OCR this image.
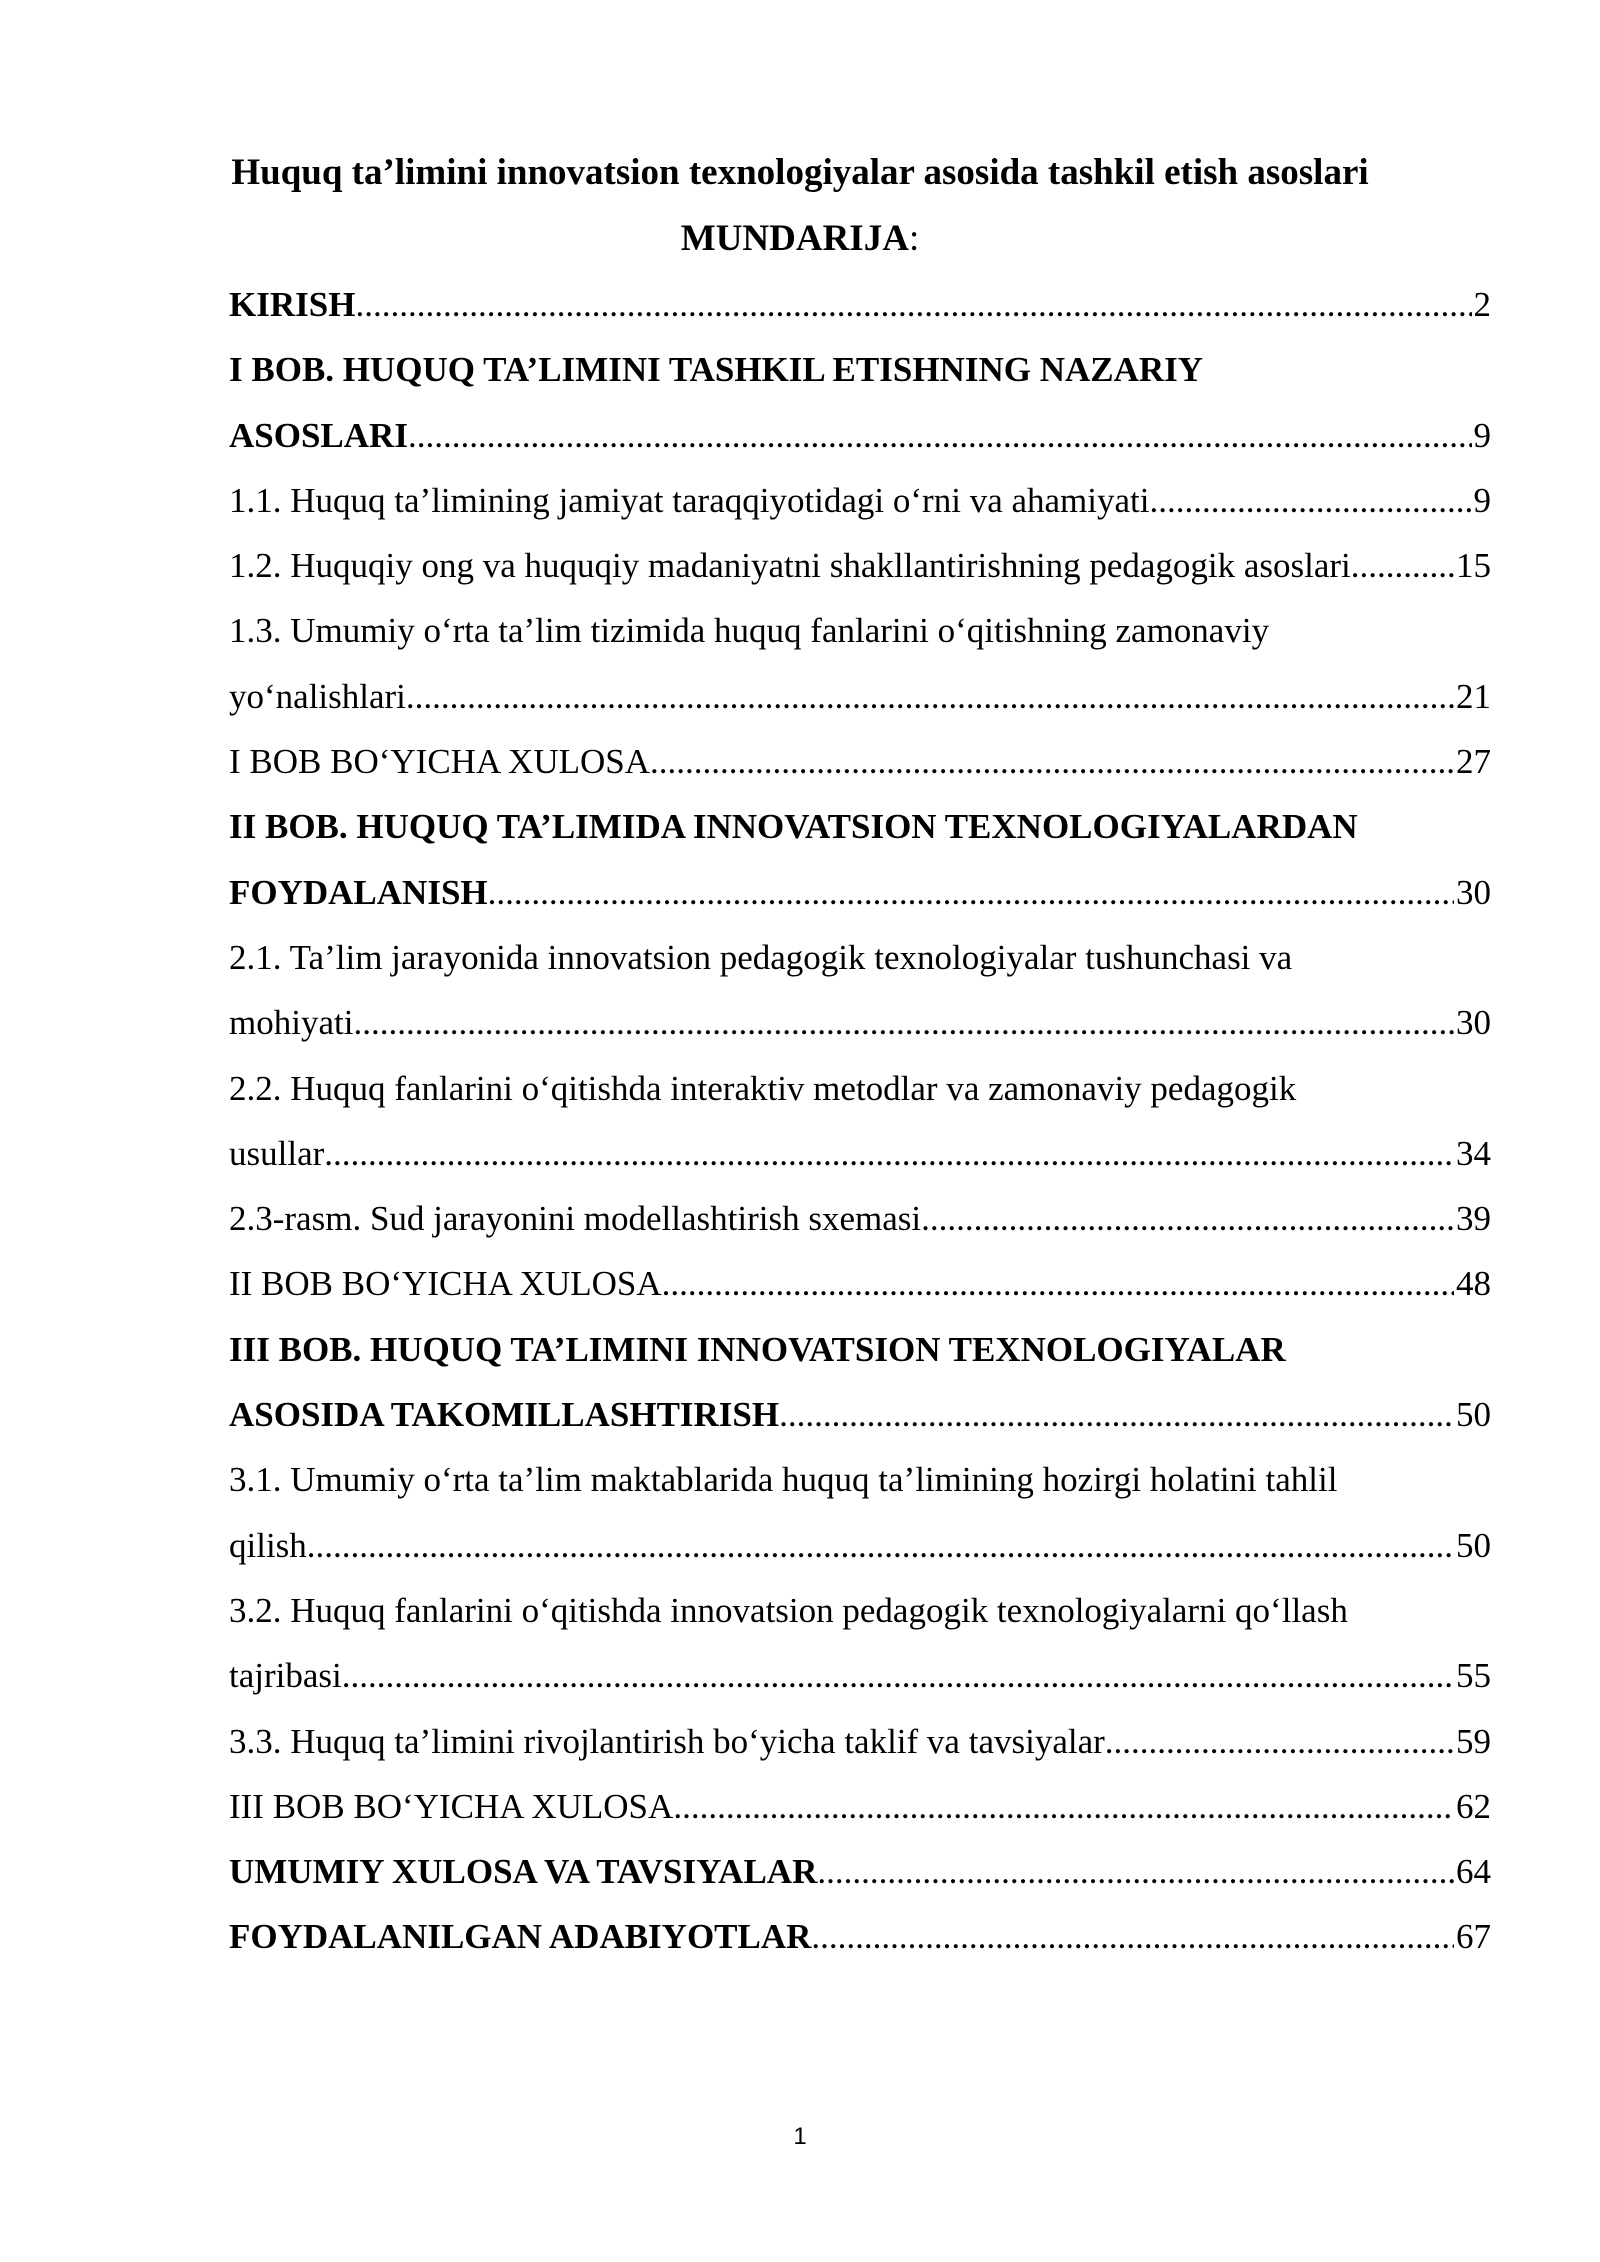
Huquq ta’limini innovatsion texnologiyalar asosida tashkil etish asoslari
MUNDARIJA:
KIRISH .....	2
I BOB. HUQUQ TA’LIMINI TASHKIL ETISHNING NAZARIY
ASOSLARI .....	9
1.1. Huquq ta’limining jamiyat taraqqiyotidagi o‘rni va ahamiyati .....	9
1.2. Huquqiy ong va huquqiy madaniyatni shakllantirishning pedagogik asoslari. .....	15
1.3. Umumiy o‘rta ta’lim tizimida huquq fanlarini o‘qitishning zamonaviy
yo‘nalishlari .....	21
I BOB BO‘YICHA XULOSA .....	27
II BOB. HUQUQ TA’LIMIDA INNOVATSION TEXNOLOGIYALARDAN
FOYDALANISH .....	30
2.1. Ta’lim jarayonida innovatsion pedagogik texnologiyalar tushunchasi va
mohiyati .....	30
2.2. Huquq fanlarini o‘qitishda interaktiv metodlar va zamonaviy pedagogik
usullar .....	34
2.3-rasm. Sud jarayonini modellashtirish sxemasi .....	39
II BOB BO‘YICHA XULOSA .....	48
III BOB. HUQUQ TA’LIMINI INNOVATSION TEXNOLOGIYALAR
ASOSIDA TAKOMILLASHTIRISH .....	50
3.1. Umumiy o‘rta ta’lim maktablarida huquq ta’limining hozirgi holatini tahlil
qilish .....	50
3.2. Huquq fanlarini o‘qitishda innovatsion pedagogik texnologiyalarni qo‘llash
tajribasi .....	55
3.3. Huquq ta’limini rivojlantirish bo‘yicha taklif va tavsiyalar .....	59
III BOB BO‘YICHA XULOSA .....	62
UMUMIY XULOSA VA TAVSIYALAR .....	64
FOYDALANILGAN ADABIYOTLAR .....	67
1
